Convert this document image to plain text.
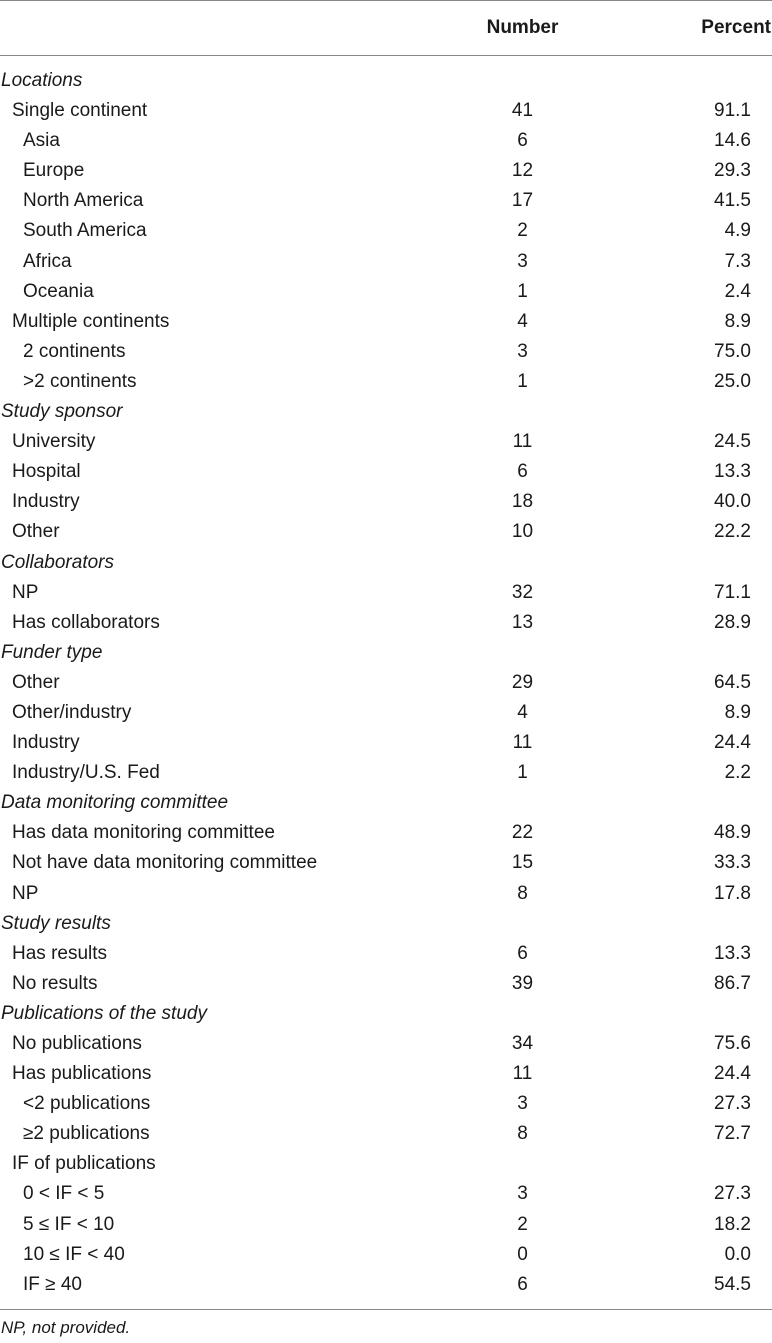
Number	Percent
Locations
Single continent	41	91.1
Asia	6	14.6
Europe	12	29.3
North America	17	41.5
South America	2	4.9
Africa	3	7.3
Oceania	1	2.4
Multiple continents	4	8.9
2 continents	3	75.0
>2 continents	1	25.0
Study sponsor
University	11	24.5
Hospital	6	13.3
Industry	18	40.0
Other	10	22.2
Collaborators
NP	32	71.1
Has collaborators	13	28.9
Funder type
Other	29	64.5
Other/industry	4	8.9
Industry	11	24.4
Industry/U.S. Fed	1	2.2
Data monitoring committee
Has data monitoring committee	22	48.9
Not have data monitoring committee	15	33.3
NP	8	17.8
Study results
Has results	6	13.3
No results	39	86.7
Publications of the study
No publications	34	75.6
Has publications	11	24.4
<2 publications	3	27.3
≥2 publications	8	72.7
IF of publications
0 < IF < 5	3	27.3
5 ≤ IF < 10	2	18.2
10 ≤ IF < 40	0	0.0
IF ≥ 40	6	54.5
NP, not provided.
